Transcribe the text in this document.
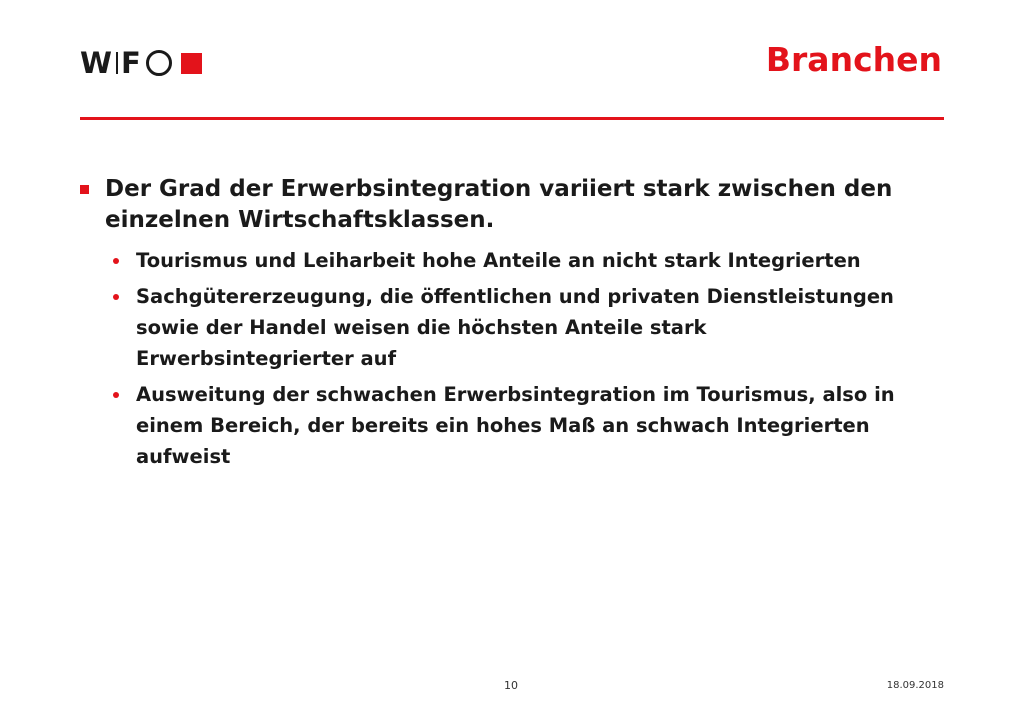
W F	Branchen
Der Grad der Erwerbsintegration variiert stark zwischen den einzelnen Wirtschaftsklassen.
Tourismus und Leiharbeit hohe Anteile an nicht stark Integrierten
Sachgütererzeugung, die öffentlichen und privaten Dienstleistungen sowie der Handel weisen die höchsten Anteile stark Erwerbsintegrierter auf
Ausweitung der schwachen Erwerbsintegration im Tourismus, also in einem Bereich, der bereits ein hohes Maß an schwach Integrierten aufweist
10	18.09.2018
